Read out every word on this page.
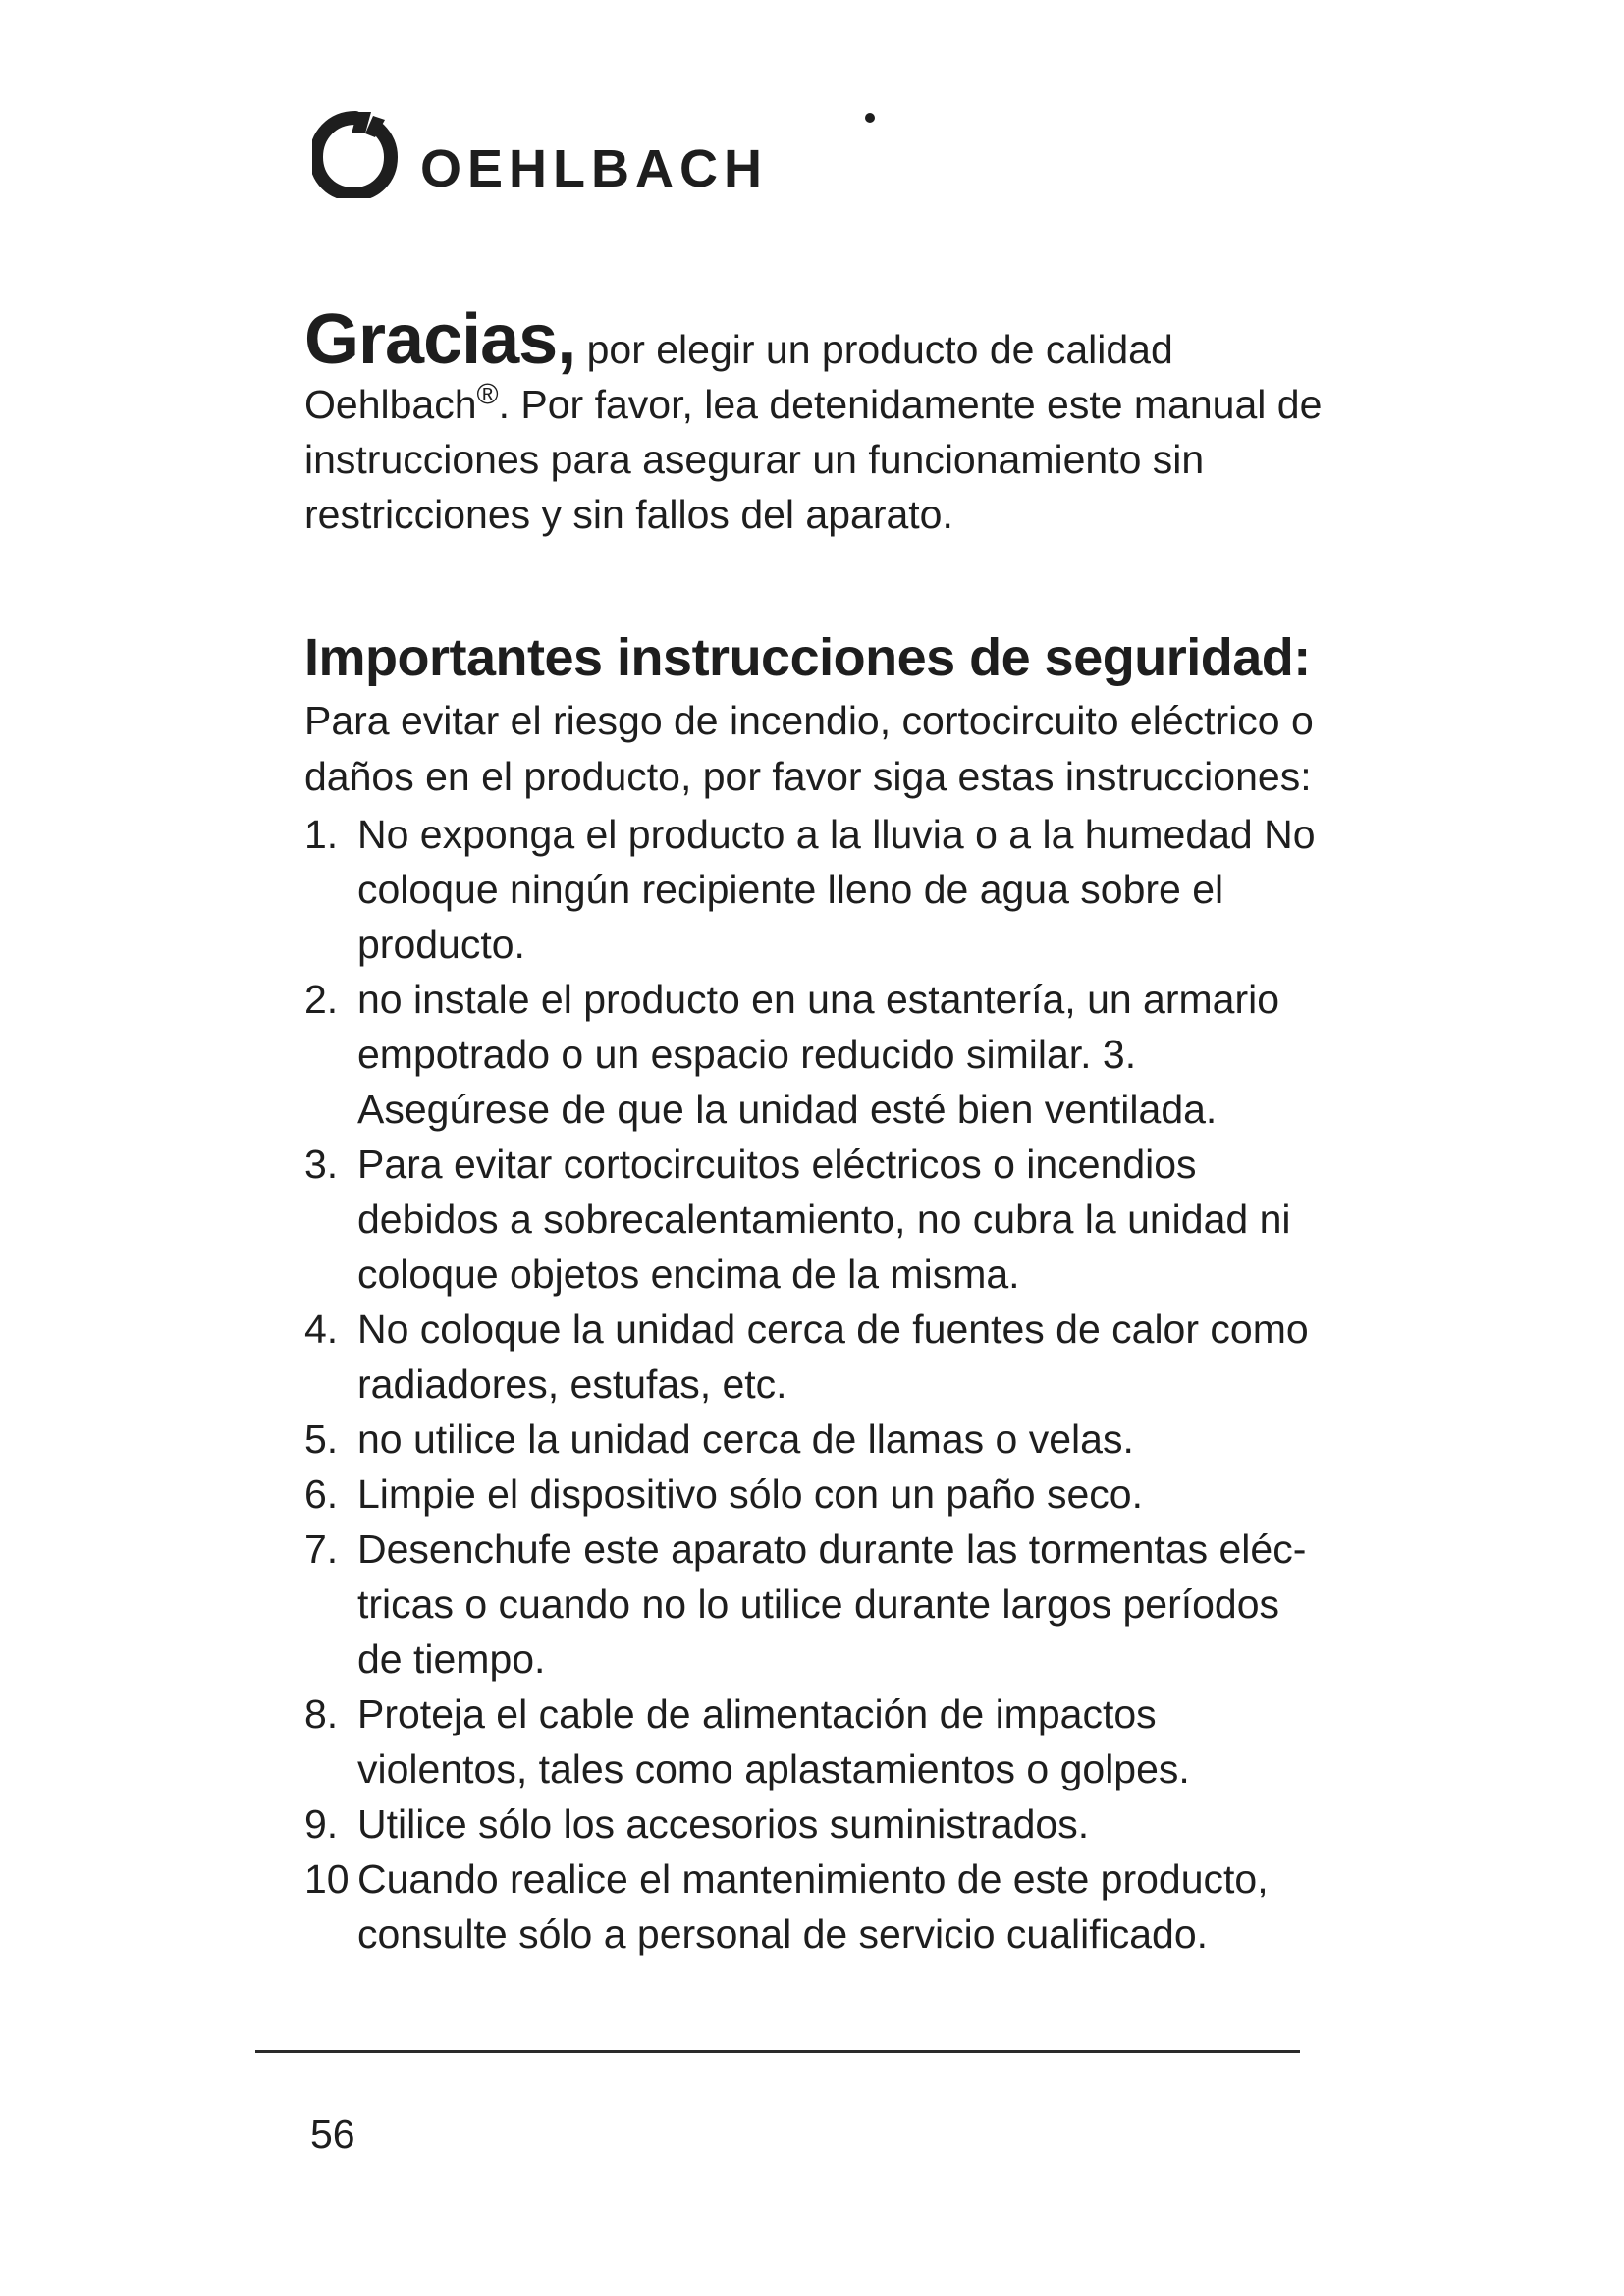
OEHLBACH

Gracias, por elegir un producto de calidad Oehlbach®. Por favor, lea detenidamente este manual de instrucciones para asegurar un funcionamiento sin restricciones y sin fallos del aparato.

Importantes instrucciones de seguridad:

Para evitar el riesgo de incendio, cortocircuito eléctrico o daños en el producto, por favor siga estas instrucciones:

1. No exponga el producto a la lluvia o a la humedad No coloque ningún recipiente lleno de agua sobre el producto.
2. no instale el producto en una estantería, un armario empotrado o un espacio reducido similar. 3. Asegúrese de que la unidad esté bien ventilada.
3. Para evitar cortocircuitos eléctricos o incendios debidos a sobrecalentamiento, no cubra la unidad ni coloque objetos encima de la misma.
4. No coloque la unidad cerca de fuentes de calor como radiadores, estufas, etc.
5. no utilice la unidad cerca de llamas o velas.
6. Limpie el dispositivo sólo con un paño seco.
7. Desenchufe este aparato durante las tormentas eléc-tricas o cuando no lo utilice durante largos períodos de tiempo.
8. Proteja el cable de alimentación de impactos violentos, tales como aplastamientos o golpes.
9. Utilice sólo los accesorios suministrados.
10 Cuando realice el mantenimiento de este producto, consulte sólo a personal de servicio cualificado.
56
